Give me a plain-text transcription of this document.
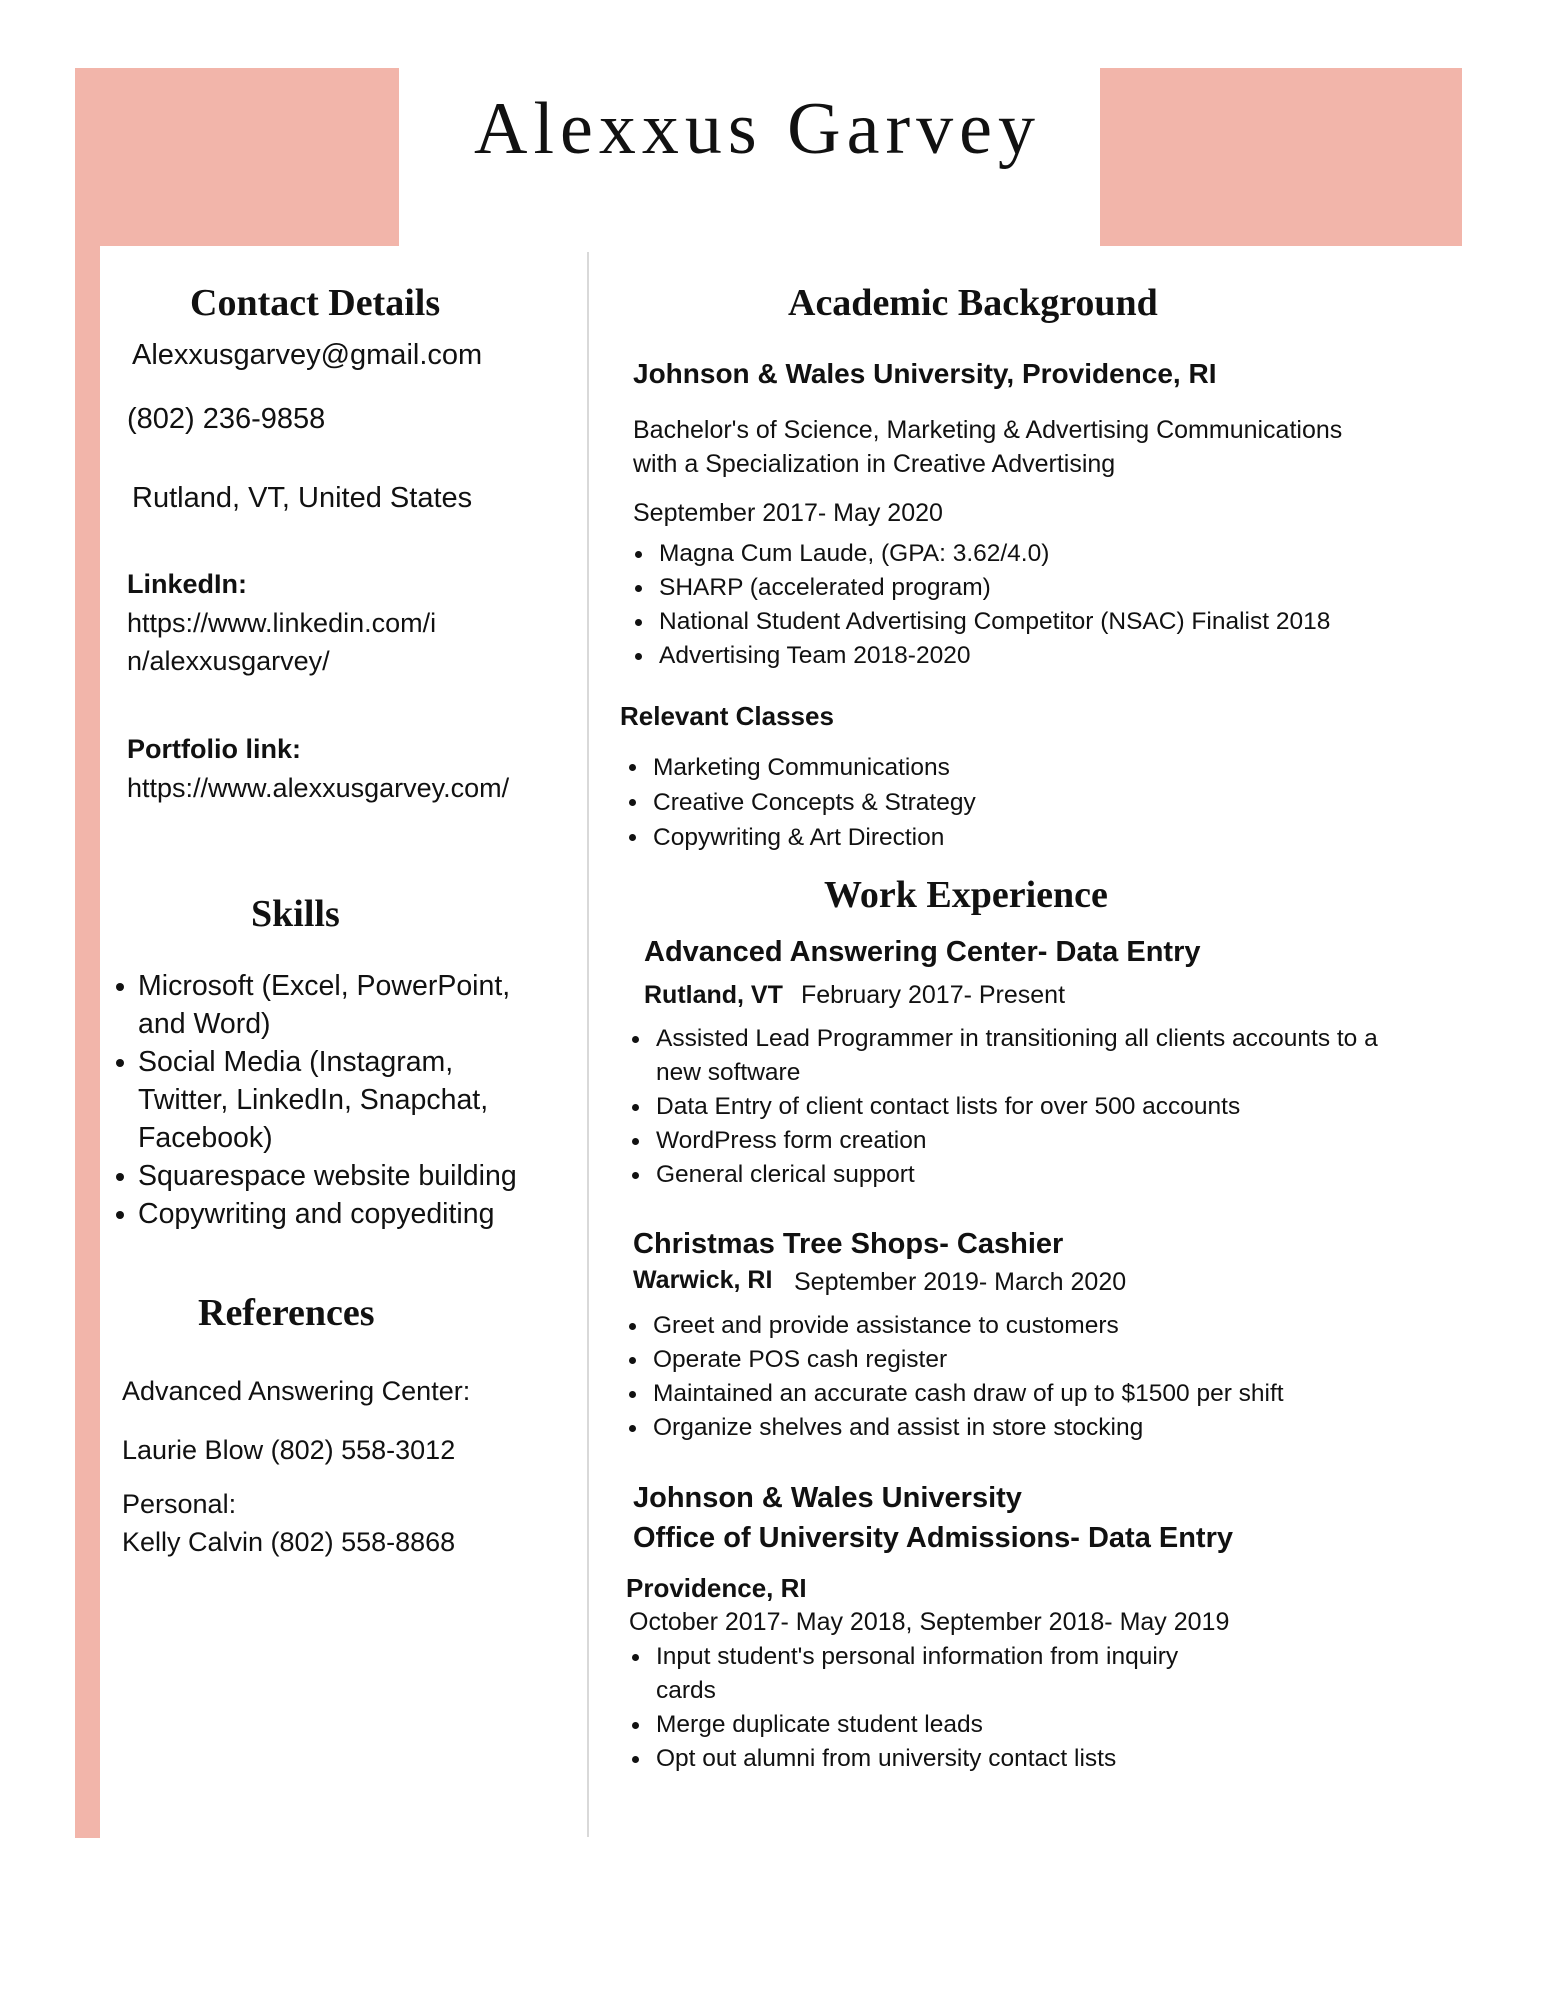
Alexxus Garvey
Contact Details

Alexxusgarvey@gmail.com

(802) 236-9858

Rutland, VT, United States

LinkedIn:

https://www.linkedin.com/i

n/alexxusgarvey/

Portfolio link:

https://www.alexxusgarvey.com/

Skills
Microsoft (Excel, PowerPoint,
and Word)
Social Media (Instagram,
Twitter, LinkedIn, Snapchat,
Facebook)
Squarespace website building
Copywriting and copyediting
References

Advanced Answering Center:

Laurie Blow (802) 558-3012

Personal:

Kelly Calvin (802) 558-8868

Academic Background

Johnson & Wales University, Providence, RI

Bachelor's of Science, Marketing & Advertising Communications

with a Specialization in Creative Advertising

September 2017- May 2020

Magna Cum Laude, (GPA: 3.62/4.0)
SHARP (accelerated program)
National Student Advertising Competitor (NSAC) Finalist 2018
Advertising Team 2018-2020

Relevant Classes

Marketing Communications
Creative Concepts & Strategy
Copywriting & Art Direction
Work Experience

Advanced Answering Center- Data Entry

Rutland, VT February 2017- Present

Assisted Lead Programmer in transitioning all clients accounts to a
new software
Data Entry of client contact lists for over 500 accounts
WordPress form creation
General clerical support

Christmas Tree Shops- Cashier

Warwick, RI September 2019- March 2020

Greet and provide assistance to customers
Operate POS cash register
Maintained an accurate cash draw of up to $1500 per shift
Organize shelves and assist in store stocking

Johnson & Wales University

Office of University Admissions- Data Entry

Providence, RI

October 2017- May 2018, September 2018- May 2019

Input student's personal information from inquiry
cards
Merge duplicate student leads
Opt out alumni from university contact lists
